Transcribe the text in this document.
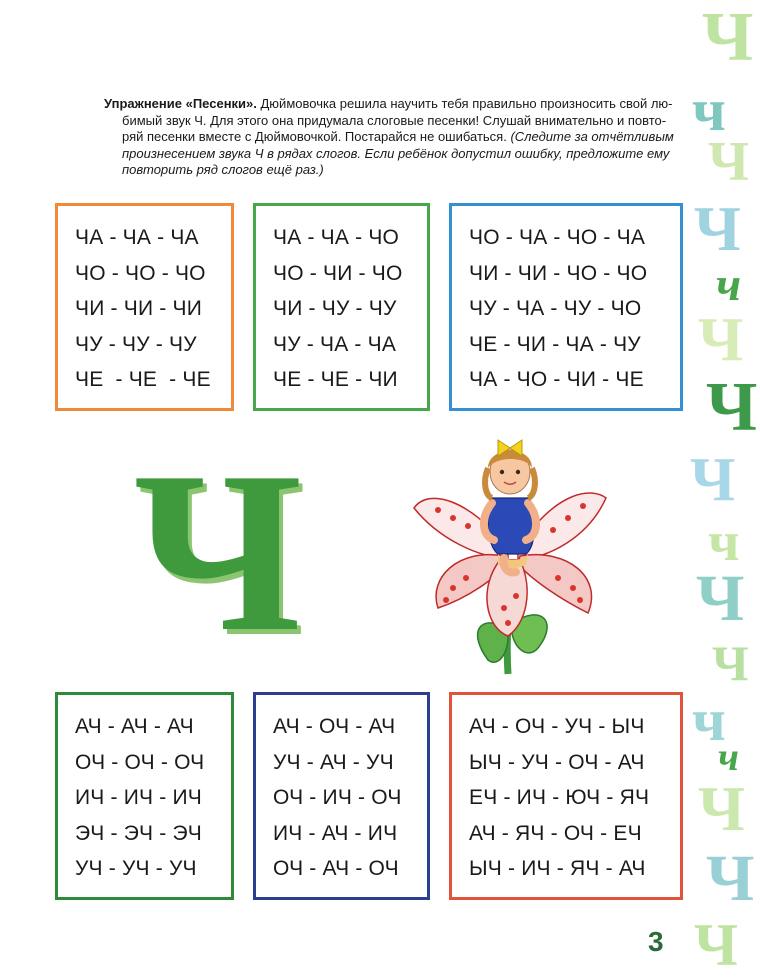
Ч
ч
Ч
Ч
ч
Ч
Ч
Ч
ч
Ч
Ч
ч
ч
Ч
Ч
Ч

Упражнение «Песенки». Дюймовочка решила научить тебя правильно произносить свой лю-
бимый звук Ч. Для этого она придумала слоговые песенки! Слушай внимательно и повто-
ряй песенки вместе с Дюймовочкой. Постарайся не ошибаться. (Следите за отчётливым
произнесением звука Ч в рядах слогов. Если ребёнок допустил ошибку, предложите ему
повторить ряд слогов ещё раз.)

ЧА - ЧА - ЧА
ЧО - ЧО - ЧО
ЧИ - ЧИ - ЧИ
ЧУ - ЧУ - ЧУ
ЧЕ  - ЧЕ  - ЧЕ
ЧА - ЧА - ЧО
ЧО - ЧИ - ЧО
ЧИ - ЧУ - ЧУ
ЧУ - ЧА - ЧА
ЧЕ - ЧЕ - ЧИ
ЧО - ЧА - ЧО - ЧА
ЧИ - ЧИ - ЧО - ЧО
ЧУ - ЧА - ЧУ - ЧО
ЧЕ - ЧИ - ЧА - ЧУ
ЧА - ЧО - ЧИ - ЧЕ
Ч
АЧ - АЧ - АЧ
ОЧ - ОЧ - ОЧ
ИЧ - ИЧ - ИЧ
ЭЧ - ЭЧ - ЭЧ
УЧ - УЧ - УЧ
АЧ - ОЧ - АЧ
УЧ - АЧ - УЧ
ОЧ - ИЧ - ОЧ
ИЧ - АЧ - ИЧ
ОЧ - АЧ - ОЧ
АЧ - ОЧ - УЧ - ЫЧ
ЫЧ - УЧ - ОЧ - АЧ
ЕЧ - ИЧ - ЮЧ - ЯЧ
АЧ - ЯЧ - ОЧ - ЕЧ
ЫЧ - ИЧ - ЯЧ - АЧ
3
